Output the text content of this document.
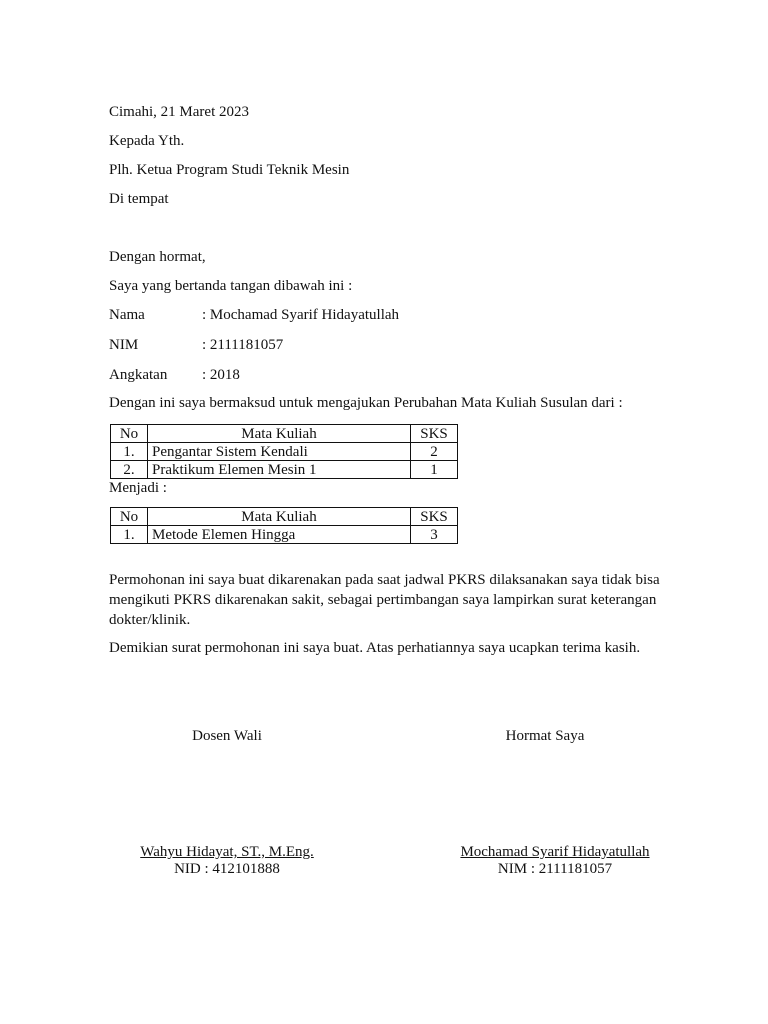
Cimahi, 21 Maret 2023
Kepada Yth.
Plh. Ketua Program Studi Teknik Mesin
Di tempat
Dengan hormat,
Saya yang bertanda tangan dibawah ini :
Nama	: Mochamad Syarif Hidayatullah
NIM	: 2111181057
Angkatan : 2018
Dengan ini saya bermaksud untuk mengajukan Perubahan Mata Kuliah Susulan dari :
No	Mata Kuliah	SKS
1.	Pengantar Sistem Kendali	2
2.	Praktikum Elemen Mesin 1	1
Menjadi :
No	Mata Kuliah	SKS
1.	Metode Elemen Hingga	3
Permohonan ini saya buat dikarenakan pada saat jadwal PKRS dilaksanakan saya tidak bisa mengikuti PKRS dikarenakan sakit, sebagai pertimbangan saya lampirkan surat keterangan dokter/klinik.
Demikian surat permohonan ini saya buat. Atas perhatiannya saya ucapkan terima kasih.
Dosen Wali	Hormat Saya
Wahyu Hidayat, ST., M.Eng.
NID : 412101888
Mochamad Syarif Hidayatullah
NIM : 2111181057
